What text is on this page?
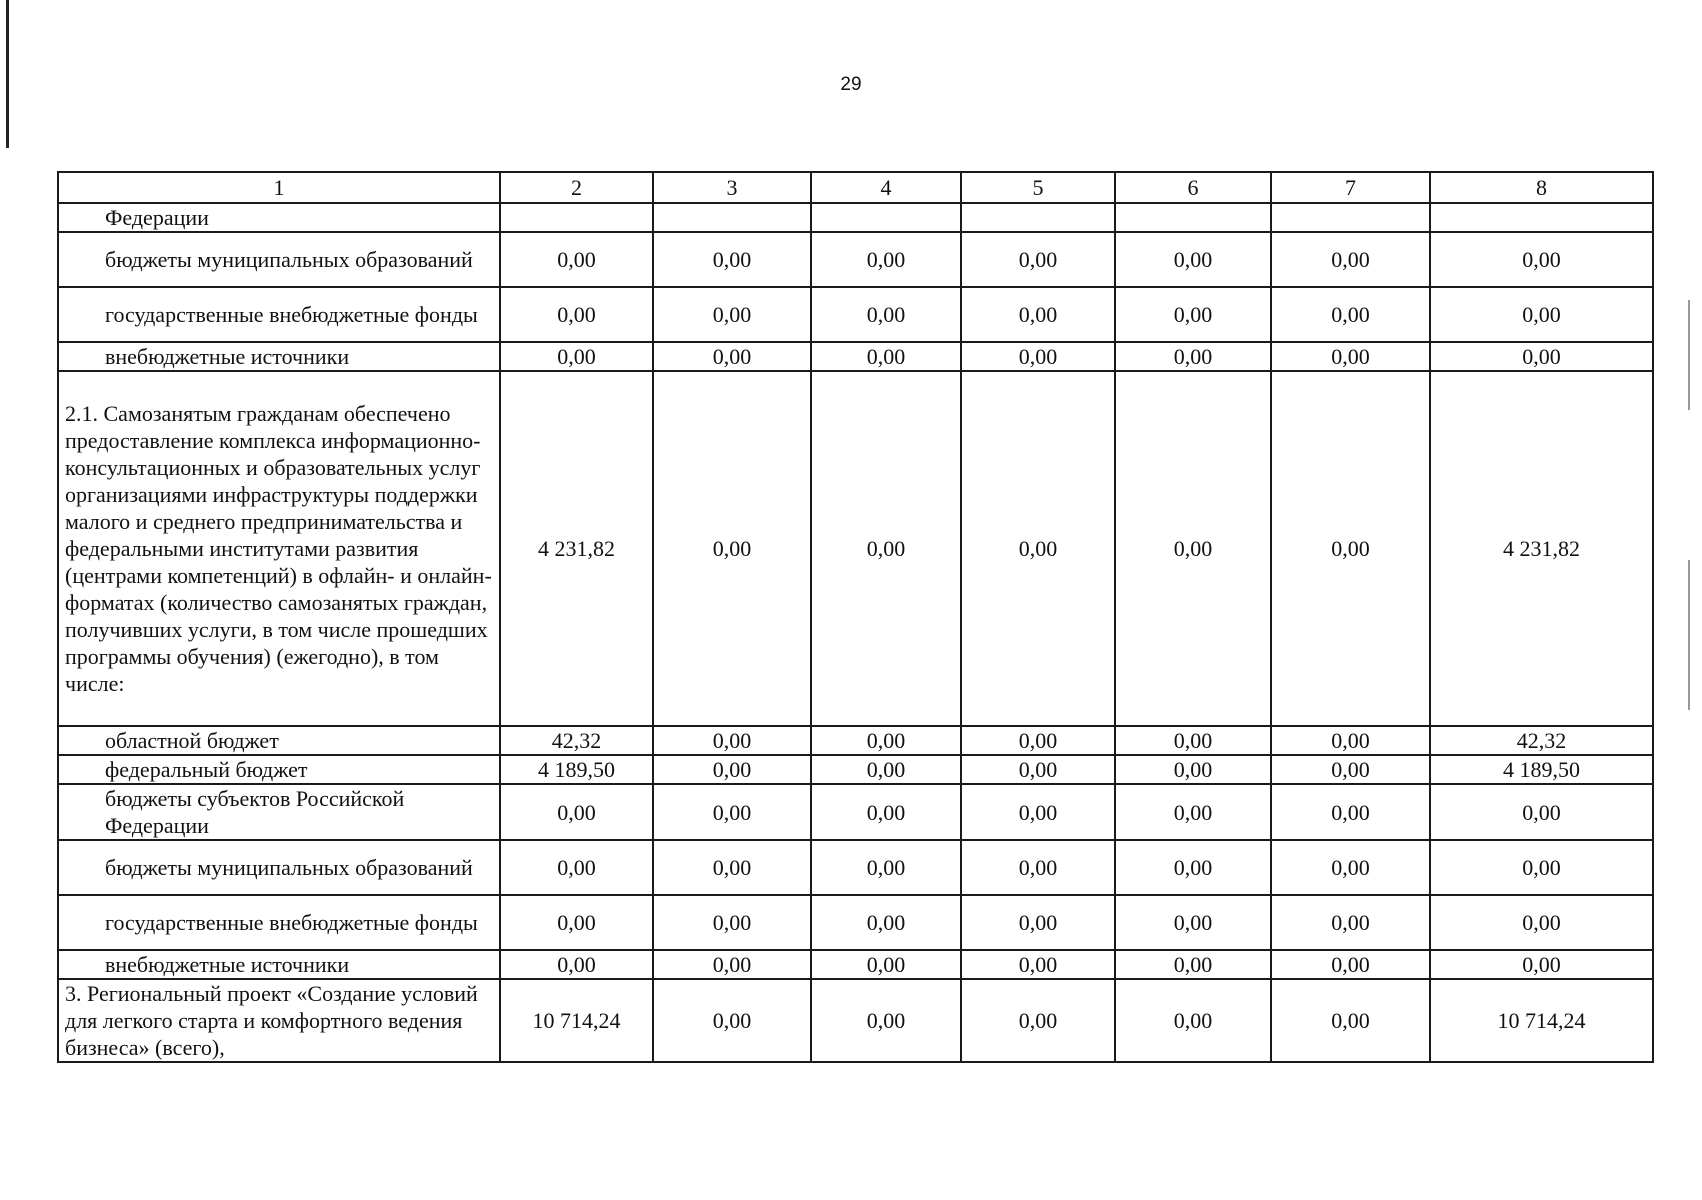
29
1	2	3	4	5	6	7	8
Федерации							
бюджеты муниципальных образований	0,00	0,00	0,00	0,00	0,00	0,00	0,00
государственные внебюджетные фонды	0,00	0,00	0,00	0,00	0,00	0,00	0,00
внебюджетные источники	0,00	0,00	0,00	0,00	0,00	0,00	0,00
2.1. Самозанятым гражданам обеспечено предоставление комплекса информационно-консультационных и образовательных услуг организациями инфраструктуры поддержки малого и среднего предпринимательства и федеральными институтами развития (центрами компетенций) в офлайн- и онлайн-форматах (количество самозанятых граждан, получивших услуги, в том числе прошедших программы обучения) (ежегодно), в том числе:	4 231,82	0,00	0,00	0,00	0,00	0,00	4 231,82
областной бюджет	42,32	0,00	0,00	0,00	0,00	0,00	42,32
федеральный бюджет	4 189,50	0,00	0,00	0,00	0,00	0,00	4 189,50
бюджеты субъектов Российской Федерации	0,00	0,00	0,00	0,00	0,00	0,00	0,00
бюджеты муниципальных образований	0,00	0,00	0,00	0,00	0,00	0,00	0,00
государственные внебюджетные фонды	0,00	0,00	0,00	0,00	0,00	0,00	0,00
внебюджетные источники	0,00	0,00	0,00	0,00	0,00	0,00	0,00
3. Региональный проект «Создание условий для легкого старта и комфортного ведения бизнеса» (всего),	10 714,24	0,00	0,00	0,00	0,00	0,00	10 714,24
